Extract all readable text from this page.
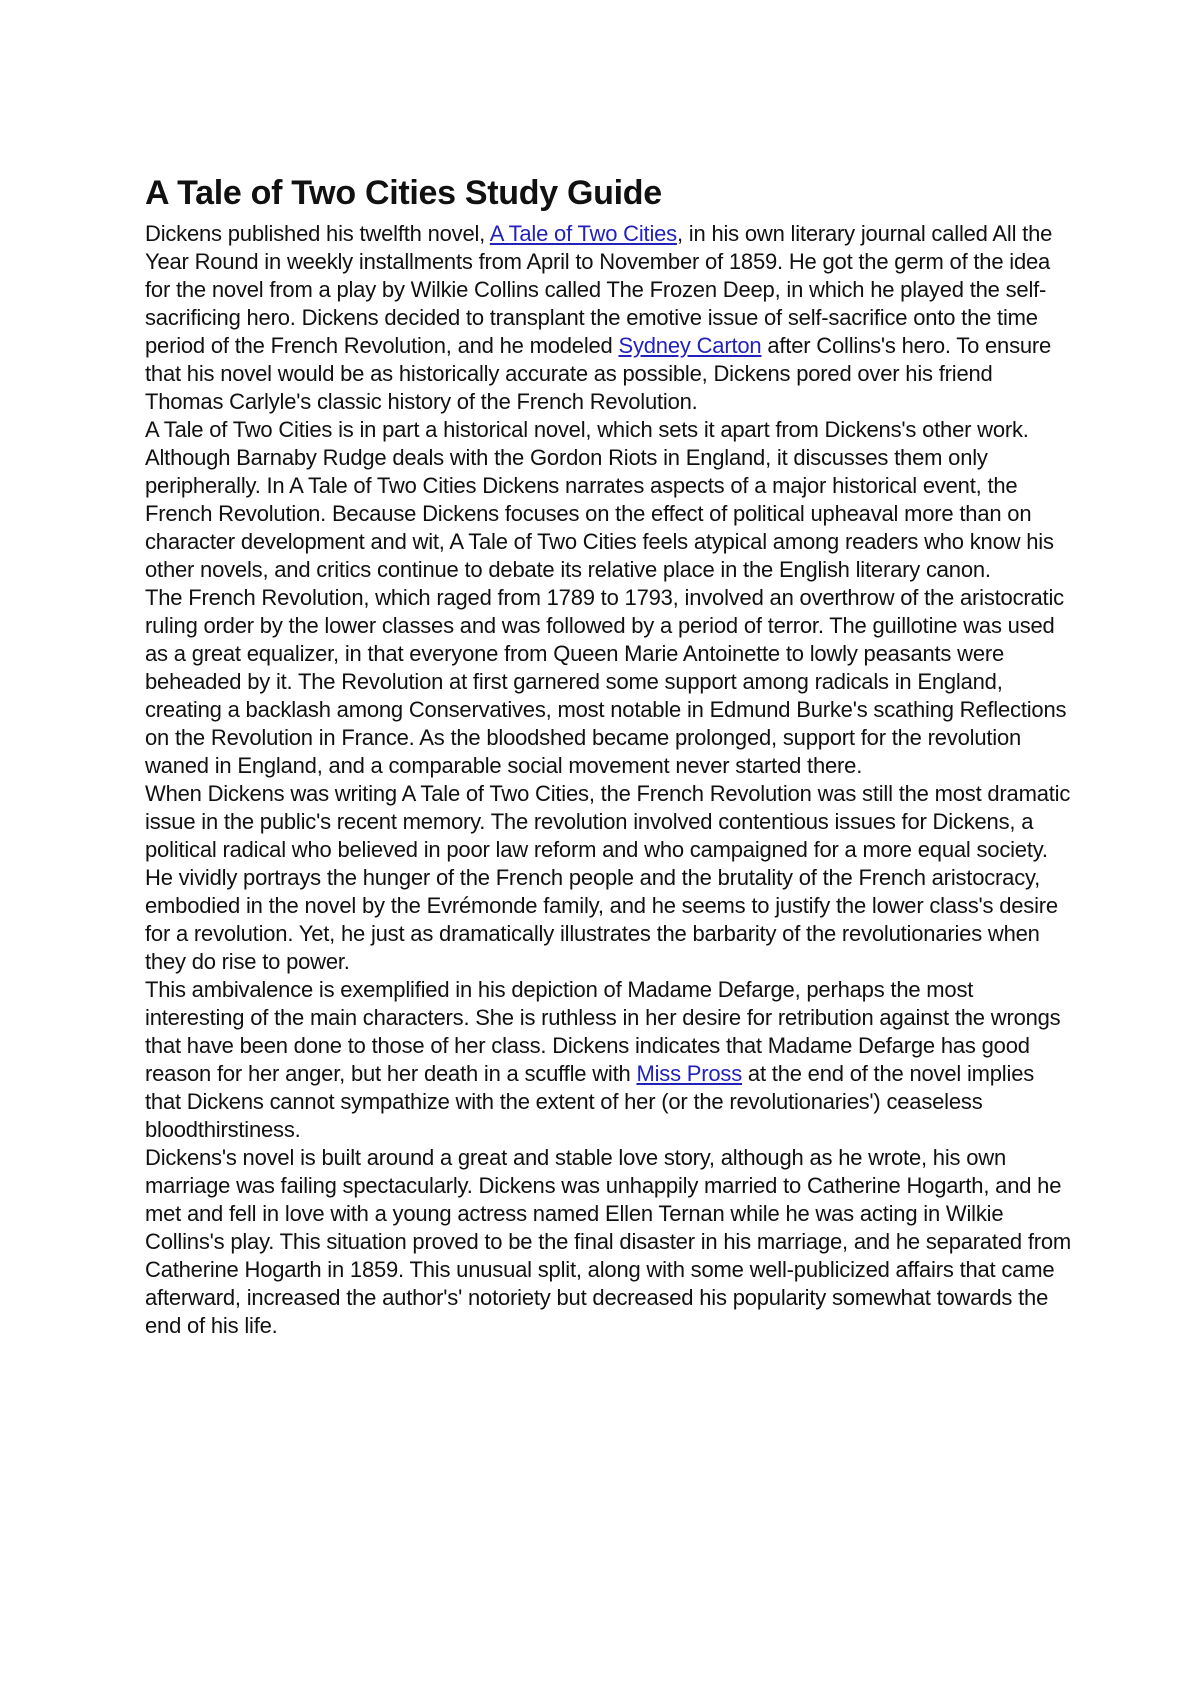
A Tale of Two Cities Study Guide

Dickens published his twelfth novel, A Tale of Two Cities, in his own literary journal called All the Year Round in weekly installments from April to November of 1859. He got the germ of the idea for the novel from a play by Wilkie Collins called The Frozen Deep, in which he played the self-sacrificing hero. Dickens decided to transplant the emotive issue of self-sacrifice onto the time period of the French Revolution, and he modeled Sydney Carton after Collins's hero. To ensure that his novel would be as historically accurate as possible, Dickens pored over his friend Thomas Carlyle's classic history of the French Revolution.

A Tale of Two Cities is in part a historical novel, which sets it apart from Dickens's other work. Although Barnaby Rudge deals with the Gordon Riots in England, it discusses them only peripherally. In A Tale of Two Cities Dickens narrates aspects of a major historical event, the French Revolution. Because Dickens focuses on the effect of political upheaval more than on character development and wit, A Tale of Two Cities feels atypical among readers who know his other novels, and critics continue to debate its relative place in the English literary canon.

The French Revolution, which raged from 1789 to 1793, involved an overthrow of the aristocratic ruling order by the lower classes and was followed by a period of terror. The guillotine was used as a great equalizer, in that everyone from Queen Marie Antoinette to lowly peasants were beheaded by it. The Revolution at first garnered some support among radicals in England, creating a backlash among Conservatives, most notable in Edmund Burke's scathing Reflections on the Revolution in France. As the bloodshed became prolonged, support for the revolution waned in England, and a comparable social movement never started there.

When Dickens was writing A Tale of Two Cities, the French Revolution was still the most dramatic issue in the public's recent memory. The revolution involved contentious issues for Dickens, a political radical who believed in poor law reform and who campaigned for a more equal society. He vividly portrays the hunger of the French people and the brutality of the French aristocracy, embodied in the novel by the Evrémonde family, and he seems to justify the lower class's desire for a revolution. Yet, he just as dramatically illustrates the barbarity of the revolutionaries when they do rise to power.

This ambivalence is exemplified in his depiction of Madame Defarge, perhaps the most interesting of the main characters. She is ruthless in her desire for retribution against the wrongs that have been done to those of her class. Dickens indicates that Madame Defarge has good reason for her anger, but her death in a scuffle with Miss Pross at the end of the novel implies that Dickens cannot sympathize with the extent of her (or the revolutionaries') ceaseless bloodthirstiness.

Dickens's novel is built around a great and stable love story, although as he wrote, his own marriage was failing spectacularly. Dickens was unhappily married to Catherine Hogarth, and he met and fell in love with a young actress named Ellen Ternan while he was acting in Wilkie Collins's play. This situation proved to be the final disaster in his marriage, and he separated from Catherine Hogarth in 1859. This unusual split, along with some well-publicized affairs that came afterward, increased the author's' notoriety but decreased his popularity somewhat towards the end of his life.
